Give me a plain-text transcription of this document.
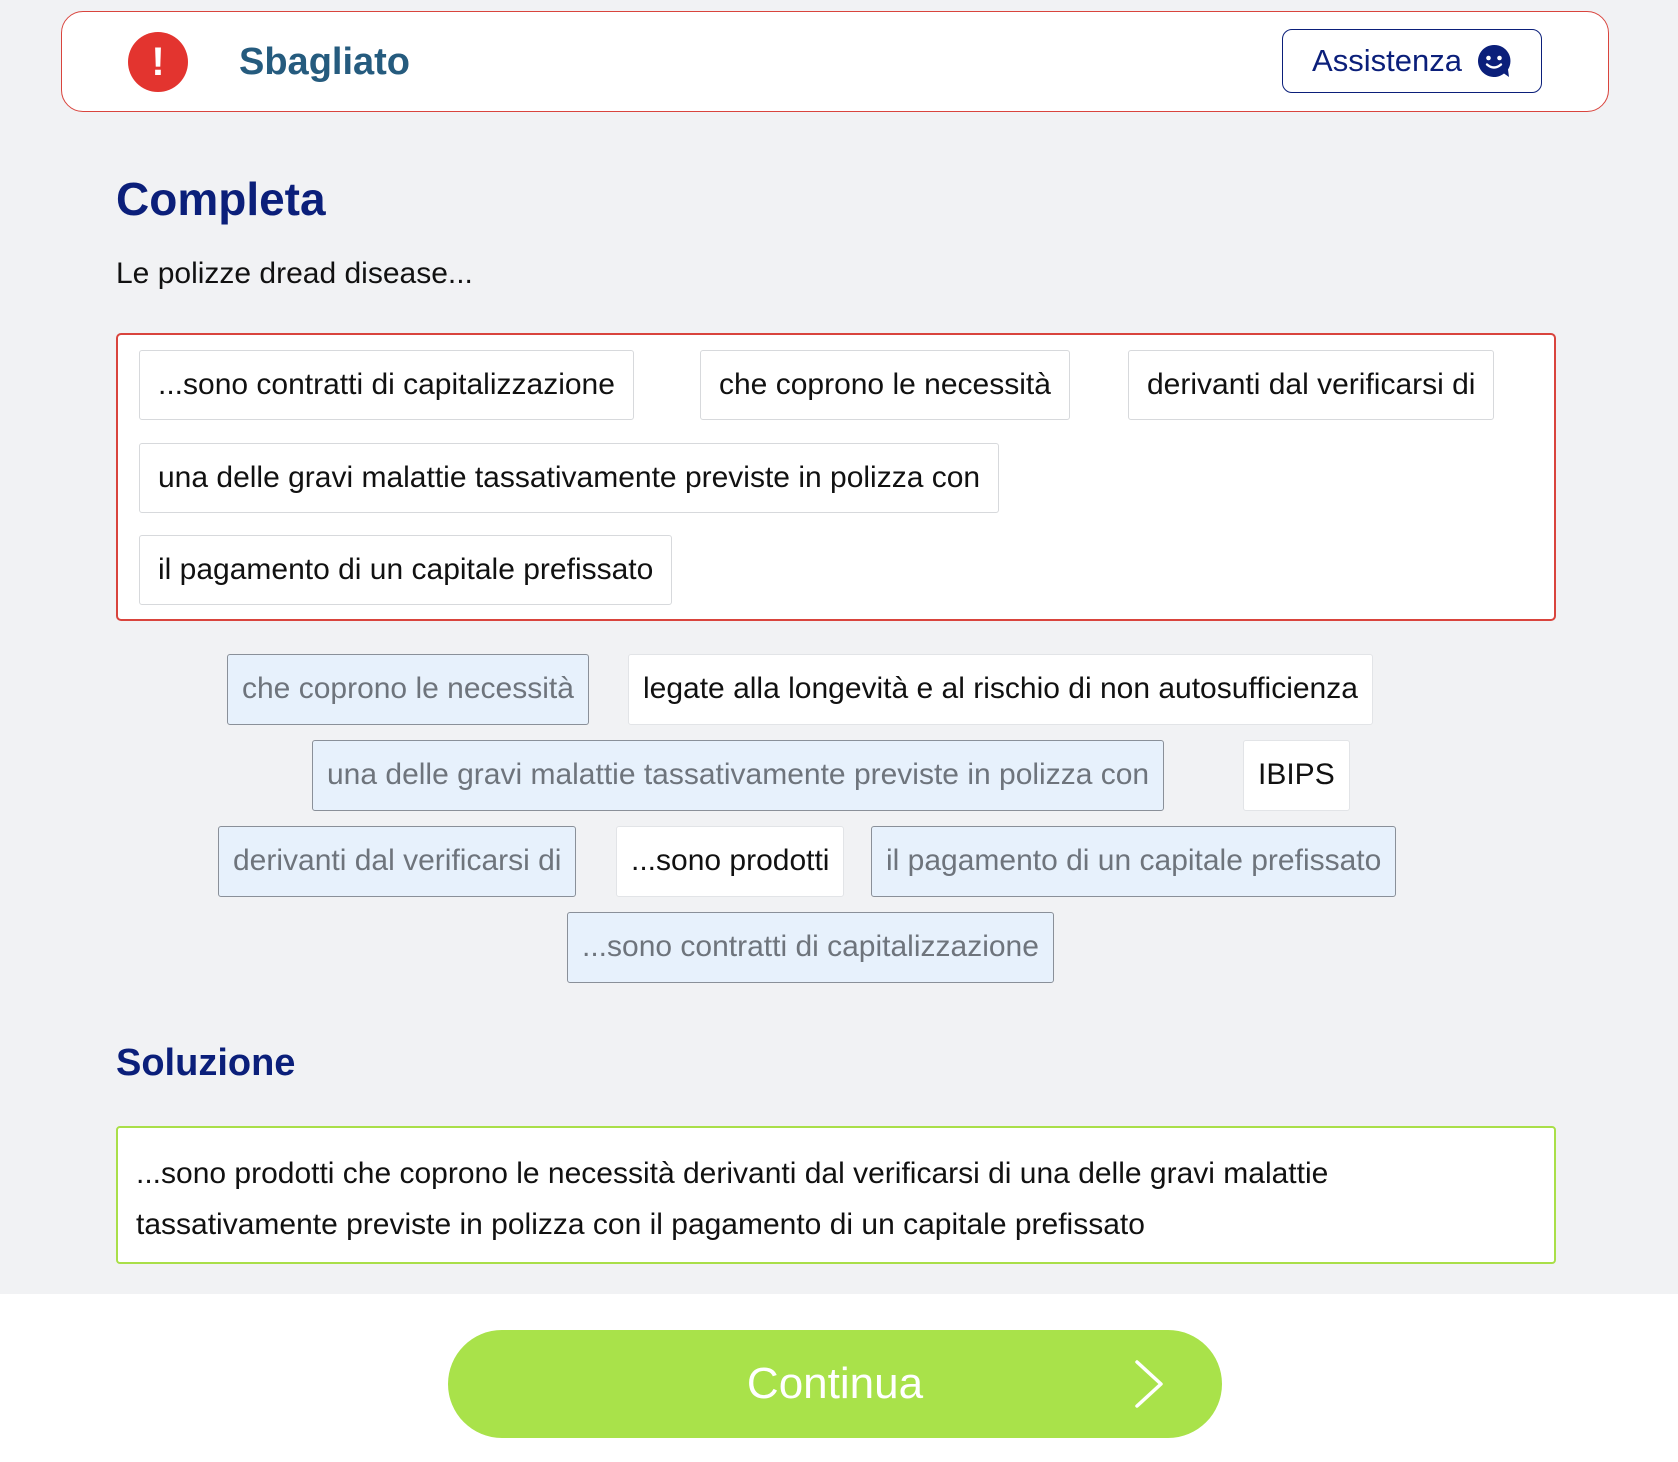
!	Sbagliato	Assistenza
Completa
Le polizze dread disease...
...sono contratti di capitalizzazione	che coprono le necessità	derivanti dal verificarsi di
una delle gravi malattie tassativamente previste in polizza con
il pagamento di un capitale prefissato
che coprono le necessità	legate alla longevità e al rischio di non autosufficienza
una delle gravi malattie tassativamente previste in polizza con	IBIPS
derivanti dal verificarsi di	...sono prodotti	il pagamento di un capitale prefissato
...sono contratti di capitalizzazione
Soluzione
...sono prodotti che coprono le necessità derivanti dal verificarsi di una delle gravi malattie
tassativamente previste in polizza con il pagamento di un capitale prefissato
Continua
